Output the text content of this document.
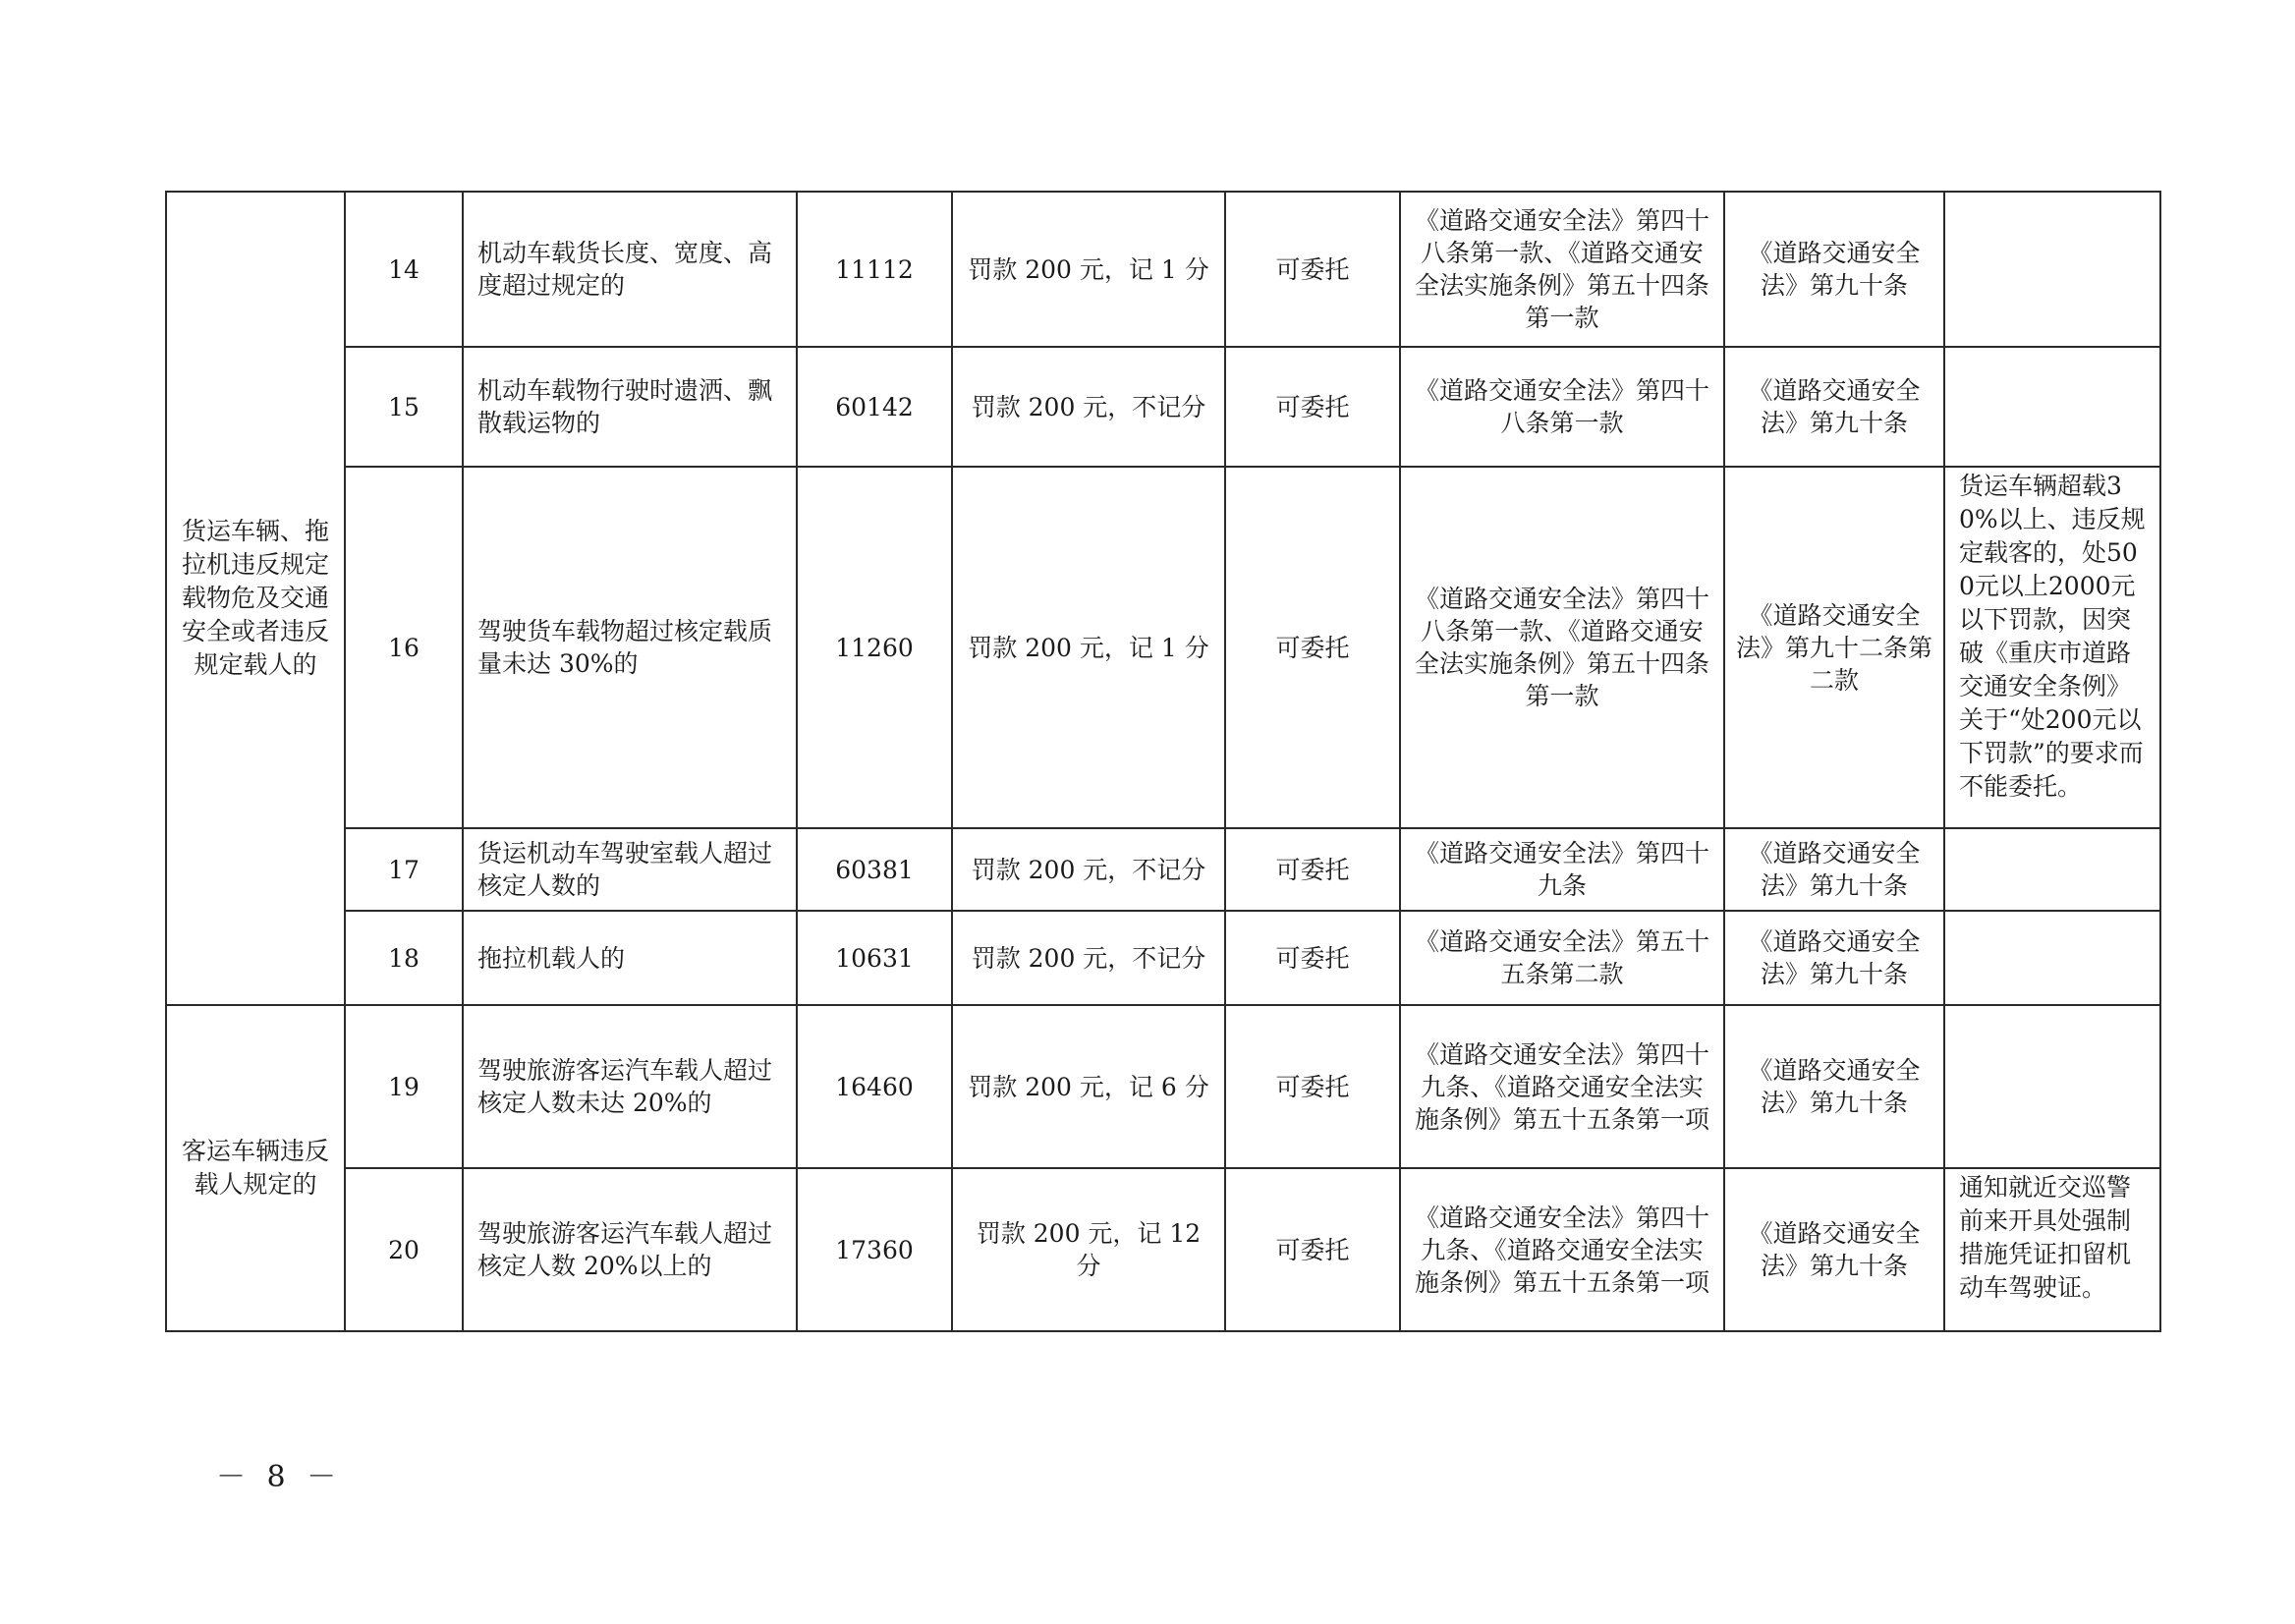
货运车辆、拖拉机违反规定载物危及交通安全或者违反规定载人的	14	机动车载货长度、宽度、高度超过规定的	11112	罚款 200 元，记 1 分	可委托	《道路交通安全法》第四十八条第一款、《道路交通安全法实施条例》第五十四条第一款	《道路交通安全法》第九十条	
	15	机动车载物行驶时遗洒、飘散载运物的	60142	罚款 200 元，不记分	可委托	《道路交通安全法》第四十八条第一款	《道路交通安全法》第九十条	
	16	驾驶货车载物超过核定载质量未达 30%的	11260	罚款 200 元，记 1 分	可委托	《道路交通安全法》第四十八条第一款、《道路交通安全法实施条例》第五十四条第一款	《道路交通安全法》第九十二条第二款	货运车辆超载30%以上、违反规定载客的，处500元以上2000元以下罚款，因突破《重庆市道路交通安全条例》关于“处200元以下罚款”的要求而不能委托。
	17	货运机动车驾驶室载人超过核定人数的	60381	罚款 200 元，不记分	可委托	《道路交通安全法》第四十九条	《道路交通安全法》第九十条	
	18	拖拉机载人的	10631	罚款 200 元，不记分	可委托	《道路交通安全法》第五十五条第二款	《道路交通安全法》第九十条	
客运车辆违反载人规定的	19	驾驶旅游客运汽车载人超过核定人数未达 20%的	16460	罚款 200 元，记 6 分	可委托	《道路交通安全法》第四十九条、《道路交通安全法实施条例》第五十五条第一项	《道路交通安全法》第九十条	
	20	驾驶旅游客运汽车载人超过核定人数 20%以上的	17360	罚款 200 元，记 12 分	可委托	《道路交通安全法》第四十九条、《道路交通安全法实施条例》第五十五条第一项	《道路交通安全法》第九十条	通知就近交巡警前来开具处强制措施凭证扣留机动车驾驶证。
－ 8 －
